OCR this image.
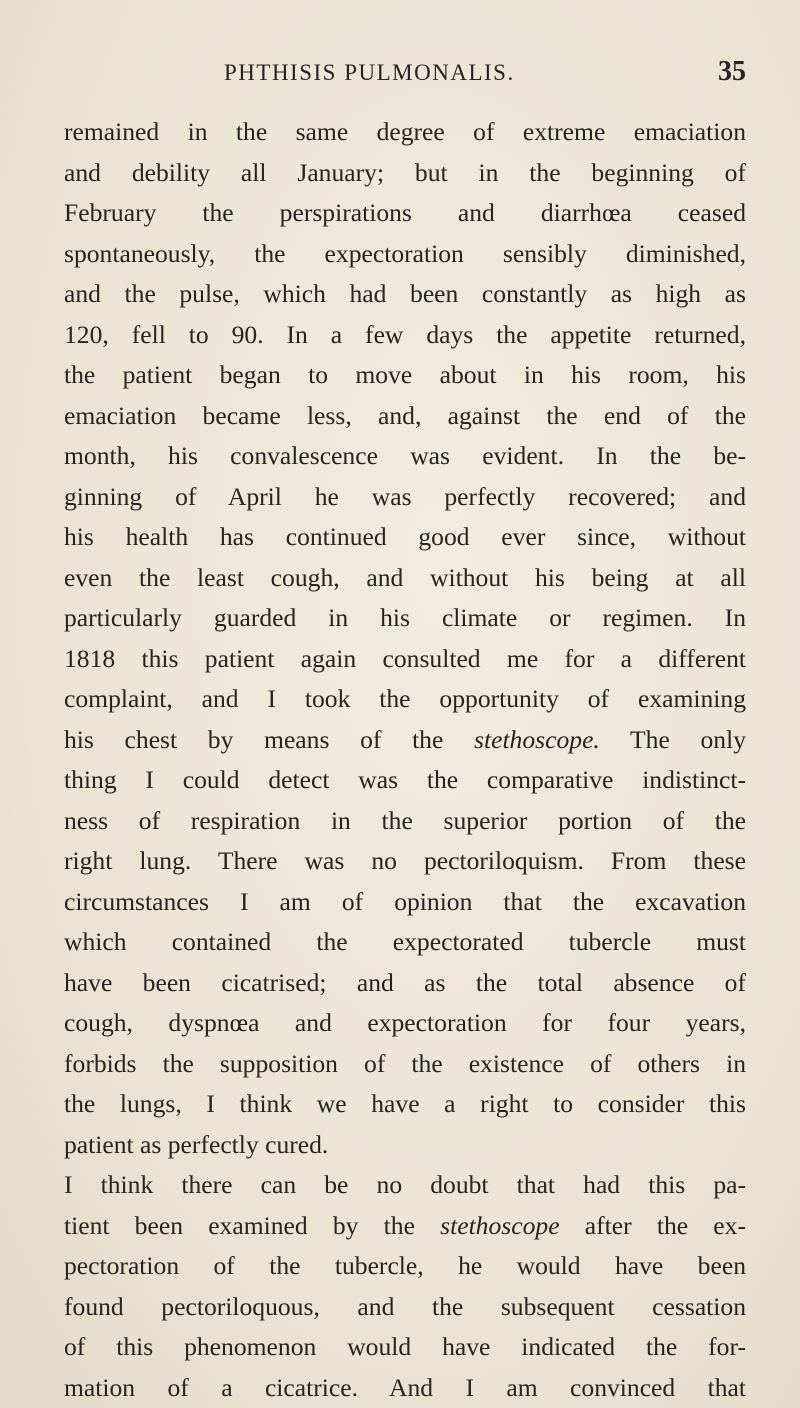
PHTHISIS PULMONALIS.	35
remained in the same degree of extreme emaciation
and debility all January; but in the beginning of
February the perspirations and diarrhœa ceased
spontaneously, the expectoration sensibly diminished,
and the pulse, which had been constantly as high as
120, fell to 90. In a few days the appetite returned,
the patient began to move about in his room, his
emaciation became less, and, against the end of the
month, his convalescence was evident. In the be-
ginning of April he was perfectly recovered; and
his health has continued good ever since, without
even the least cough, and without his being at all
particularly guarded in his climate or regimen. In
1818 this patient again consulted me for a different
complaint, and I took the opportunity of examining
his chest by means of the stethoscope. The only
thing I could detect was the comparative indistinct-
ness of respiration in the superior portion of the
right lung. There was no pectoriloquism. From these
circumstances I am of opinion that the excavation
which contained the expectorated tubercle must
have been cicatrised; and as the total absence of
cough, dyspnœa and expectoration for four years,
forbids the supposition of the existence of others in
the lungs, I think we have a right to consider this
patient as perfectly cured.
I think there can be no doubt that had this pa-
tient been examined by the stethoscope after the ex-
pectoration of the tubercle, he would have been
found pectoriloquous, and the subsequent cessation
of this phenomenon would have indicated the for-
mation of a cicatrice. And I am convinced that
